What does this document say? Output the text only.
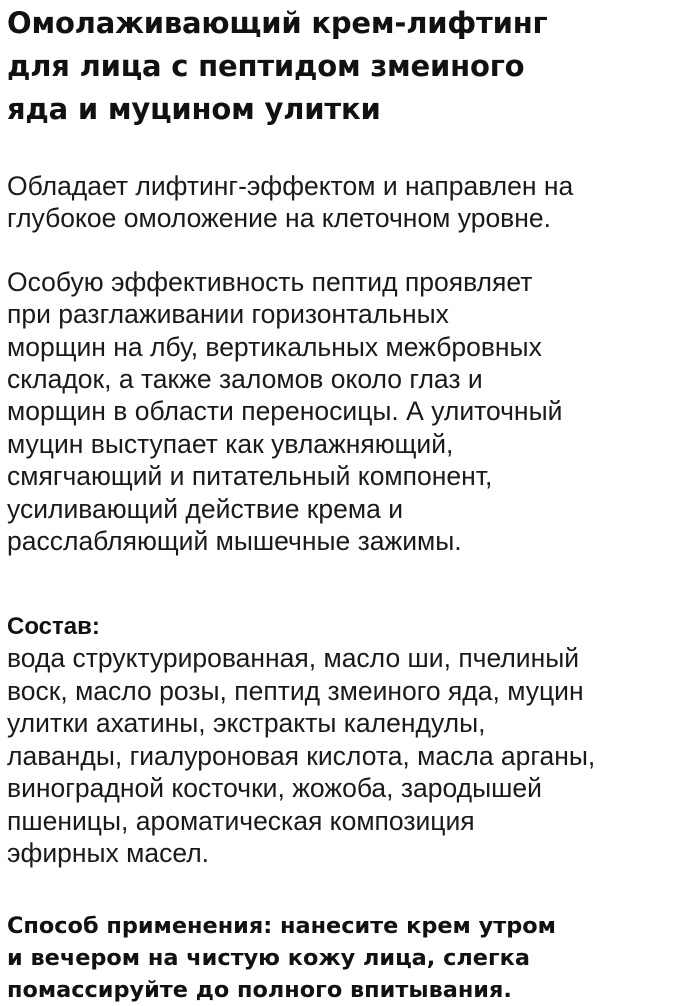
Омолаживающий крем-лифтинг
для лица с пептидом змеиного
яда и муцином улитки

Обладает лифтинг-эффектом и направлен на
глубокое омоложение на клеточном уровне.

Особую эффективность пептид проявляет
при разглаживании горизонтальных
морщин на лбу, вертикальных межбровных
складок, а также заломов около глаз и
морщин в области переносицы. А улиточный
муцин выступает как увлажняющий,
смягчающий и питательный компонент,
усиливающий действие крема и
расслабляющий мышечные зажимы.

Состав:

вода структурированная, масло ши, пчелиный
воск, масло розы, пептид змеиного яда, муцин
улитки ахатины, экстракты календулы,
лаванды, гиалуроновая кислота, масла арганы,
виноградной косточки, жожоба, зародышей
пшеницы, ароматическая композиция
эфирных масел.

Способ применения: нанесите крем утром
и вечером на чистую кожу лица, слегка
помассируйте до полного впитывания.
